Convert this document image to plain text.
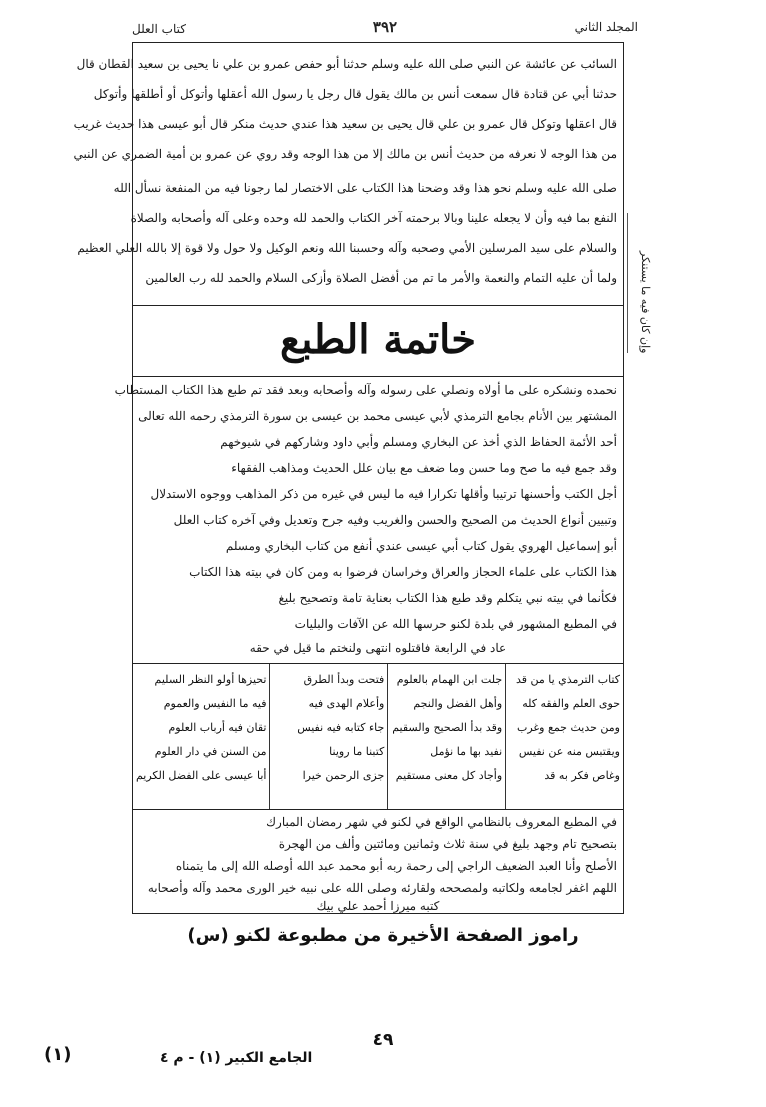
المجلد الثاني
٣٩٢
كتاب العلل
وإن كان فيه ما يستنكر
السائب عن عائشة عن النبي صلى الله عليه وسلم حدثنا أبو حفص عمرو بن علي نا يحيى بن سعيد القطان قال
حدثنا أبي عن قتادة قال سمعت أنس بن مالك يقول قال رجل يا رسول الله أعقلها وأتوكل أو أطلقها وأتوكل
قال اعقلها وتوكل قال عمرو بن علي قال يحيى بن سعيد هذا عندي حديث منكر قال أبو عيسى هذا حديث غريب
من هذا الوجه لا نعرفه من حديث أنس بن مالك إلا من هذا الوجه وقد روي عن عمرو بن أمية الضمري عن النبي
صلى الله عليه وسلم نحو هذا وقد وضحنا هذا الكتاب على الاختصار لما رجونا فيه من المنفعة نسأل الله
النفع بما فيه وأن لا يجعله علينا وبالا برحمته آخر الكتاب والحمد لله وحده وعلى آله وأصحابه والصلاة
والسلام على سيد المرسلين الأمي وصحبه وآله وحسبنا الله ونعم الوكيل ولا حول ولا قوة إلا بالله العلي العظيم
ولما أن عليه التمام والنعمة والأمر ما تم من أفضل الصلاة وأزكى السلام والحمد لله رب العالمين
خاتمة الطبع
نحمده ونشكره على ما أولاه ونصلي على رسوله وآله وأصحابه وبعد فقد تم طبع هذا الكتاب المستطاب
المشتهر بين الأنام بجامع الترمذي لأبي عيسى محمد بن عيسى بن سورة الترمذي رحمه الله تعالى
أحد الأئمة الحفاظ الذي أخذ عن البخاري ومسلم وأبي داود وشاركهم في شيوخهم
وقد جمع فيه ما صح وما حسن وما ضعف مع بيان علل الحديث ومذاهب الفقهاء
أجل الكتب وأحسنها ترتيبا وأقلها تكرارا فيه ما ليس في غيره من ذكر المذاهب ووجوه الاستدلال
وتبيين أنواع الحديث من الصحيح والحسن والغريب وفيه جرح وتعديل وفي آخره كتاب العلل
أبو إسماعيل الهروي يقول كتاب أبي عيسى عندي أنفع من كتاب البخاري ومسلم
هذا الكتاب على علماء الحجاز والعراق وخراسان فرضوا به ومن كان في بيته هذا الكتاب
فكأنما في بيته نبي يتكلم وقد طبع هذا الكتاب بعناية تامة وتصحيح بليغ
في المطبع المشهور في بلدة لكنو حرسها الله عن الآفات والبليات
عاد في الرابعة فاقتلوه انتهى ولنختم ما قيل في حقه
كتاب الترمذي يا من قد
حوى العلم والفقه كله
ومن حديث جمع وغرب
ويقتبس منه عن نفيس
وغاص فكر به قد
جلت ابن الهمام بالعلوم
وأهل الفضل والنجم
وقد بدأ الصحيح والسقيم
نفيد بها ما نؤمل
وأجاد كل معنى مستقيم
فتحت وبدأ الطرق
وأعلام الهدى فيه
جاء كتابه فيه نفيس
كتبنا ما روينا
جزى الرحمن خيرا
تحيزها أولو النظر السليم
فيه ما النفيس والعموم
تقان فيه أرباب العلوم
من السنن في دار العلوم
أبا عيسى على الفضل الكريم
في المطبع المعروف بالنظامي الواقع في لكنو في شهر رمضان المبارك
بتصحيح تام وجهد بليغ في سنة ثلاث وثمانين ومائتين وألف من الهجرة
الأصلح وأنا العبد الضعيف الراجي إلى رحمة ربه أبو محمد عبد الله أوصله الله إلى ما يتمناه
اللهم اغفر لجامعه ولكاتبه ولمصححه ولقارئه وصلى الله على نبيه خير الورى محمد وآله وأصحابه
كتبه ميرزا أحمد علي بيك
راموز الصفحة الأخيرة من مطبوعة لكنو (س)
٤٩
الجامع الكبير (١) - م ٤
(١)
